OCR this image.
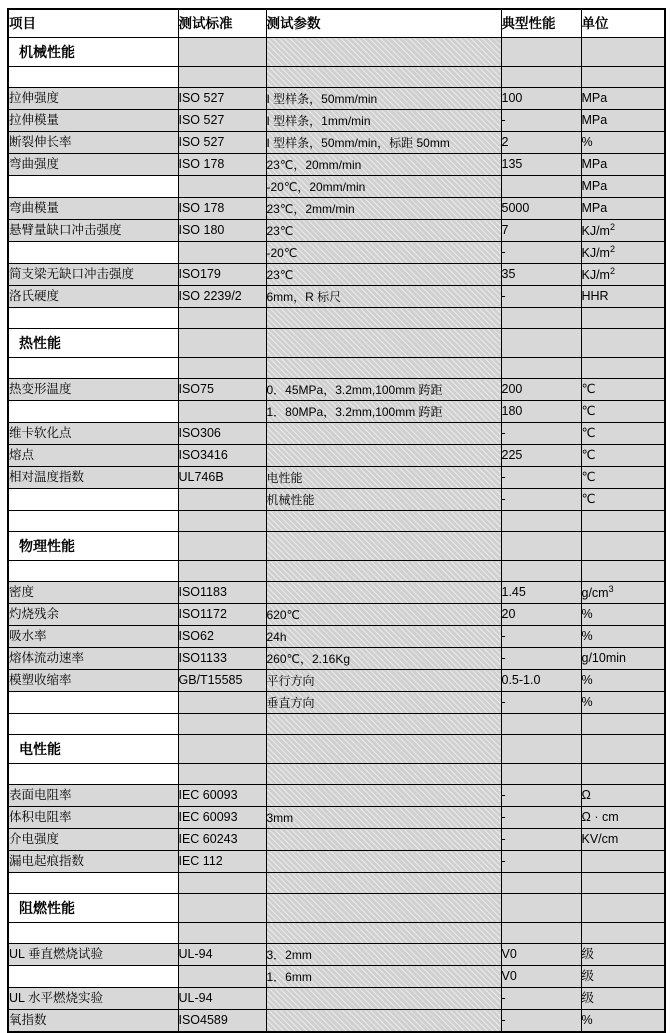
项目	测试标准	测试参数	典型性能	单位
机械性能				

拉伸强度	ISO 527	I 型样条，50mm/min	100	MPa
拉伸模量	ISO 527	I 型样条，1mm/min	-	MPa
断裂伸长率	ISO 527	I 型样条，50mm/min，标距 50mm	2	%
弯曲强度	ISO 178	23℃，20mm/min	135	MPa
		-20℃，20mm/min		MPa
弯曲模量	ISO 178	23℃，2mm/min	5000	MPa
悬臂量缺口冲击强度	ISO 180	23℃	7	$KJ/m^2$
		-20℃	-	$KJ/m^2$
简支梁无缺口冲击强度	ISO179	23℃	35	$KJ/m^2$
洛氏硬度	ISO 2239/2	6mm，R 标尺	-	HHR

热性能				

热变形温度	ISO75	0．45MPa，3.2mm,100mm 跨距	200	℃
		1．80MPa，3.2mm,100mm 跨距	180	℃
维卡软化点	ISO306		-	℃
熔点	ISO3416		225	℃
相对温度指数	UL746B	电性能	-	℃
		机械性能	-	℃

物理性能				

密度	ISO1183		1.45	$g/cm^3$
灼烧残余	ISO1172	620℃	20	%
吸水率	ISO62	24h	-	%
熔体流动速率	ISO1133	260℃，2.16Kg	-	g/10min
模塑收缩率	GB/T15585	平行方向	0.5-1.0	%
		垂直方向	-	%

电性能				

表面电阻率	IEC 60093		-	Ω
体积电阻率	IEC 60093	3mm	-	Ω · cm
介电强度	IEC 60243		-	KV/cm
漏电起痕指数	IEC 112		-	

阻燃性能				

UL 垂直燃烧试验	UL-94	3．2mm	V0	级
		1．6mm	V0	级
UL 水平燃烧实验	UL-94		-	级
氧指数	ISO4589		-	%
